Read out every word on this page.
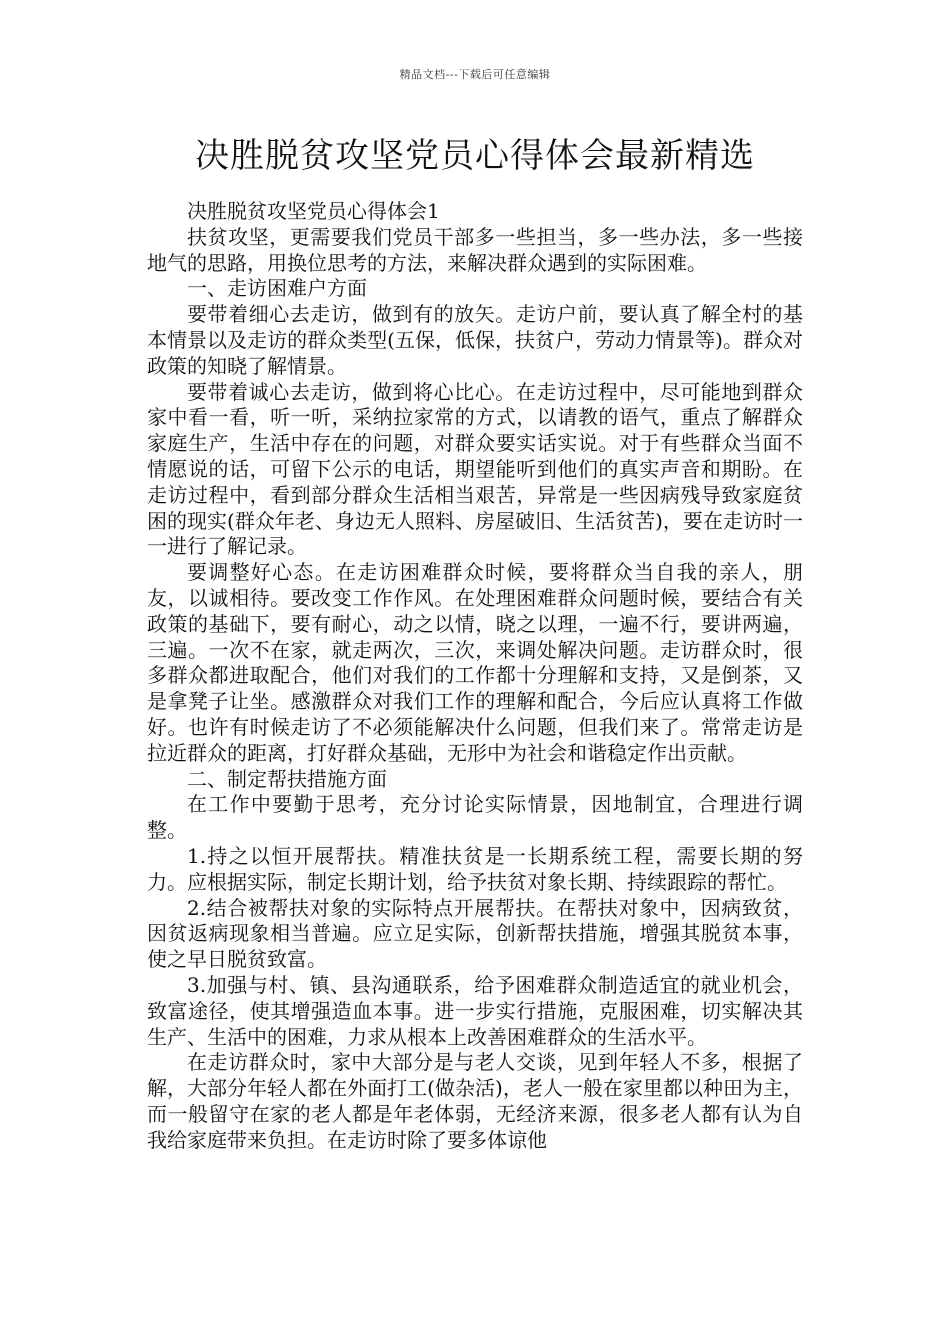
精品文档---下载后可任意编辑
决胜脱贫攻坚党员心得体会最新精选

决胜脱贫攻坚党员心得体会1

扶贫攻坚，更需要我们党员干部多一些担当，多一些办法，多一些接地气的思路，用换位思考的方法，来解决群众遇到的实际困难。

一、走访困难户方面

要带着细心去走访，做到有的放矢。走访户前，要认真了解全村的基本情景以及走访的群众类型(五保，低保，扶贫户，劳动力情景等)。群众对政策的知晓了解情景。

要带着诚心去走访，做到将心比心。在走访过程中，尽可能地到群众家中看一看，听一听，采纳拉家常的方式，以请教的语气，重点了解群众家庭生产，生活中存在的问题，对群众要实话实说。对于有些群众当面不情愿说的话，可留下公示的电话，期望能听到他们的真实声音和期盼。在走访过程中，看到部分群众生活相当艰苦，异常是一些因病残导致家庭贫困的现实(群众年老、身边无人照料、房屋破旧、生活贫苦)，要在走访时一一进行了解记录。

要调整好心态。在走访困难群众时候，要将群众当自我的亲人，朋友，以诚相待。要改变工作作风。在处理困难群众问题时候，要结合有关政策的基础下，要有耐心，动之以情，晓之以理，一遍不行，要讲两遍，三遍。一次不在家，就走两次，三次，来调处解决问题。走访群众时，很多群众都进取配合，他们对我们的工作都十分理解和支持，又是倒茶，又是拿凳子让坐。感激群众对我们工作的理解和配合，今后应认真将工作做好。也许有时候走访了不必须能解决什么问题，但我们来了。常常走访是拉近群众的距离，打好群众基础，无形中为社会和谐稳定作出贡献。

二、制定帮扶措施方面

在工作中要勤于思考，充分讨论实际情景，因地制宜，合理进行调整。

1.持之以恒开展帮扶。精准扶贫是一长期系统工程，需要长期的努力。应根据实际，制定长期计划，给予扶贫对象长期、持续跟踪的帮忙。

2.结合被帮扶对象的实际特点开展帮扶。在帮扶对象中，因病致贫，因贫返病现象相当普遍。应立足实际，创新帮扶措施，增强其脱贫本事，使之早日脱贫致富。

3.加强与村、镇、县沟通联系，给予困难群众制造适宜的就业机会，致富途径，使其增强造血本事。进一步实行措施，克服困难，切实解决其生产、生活中的困难，力求从根本上改善困难群众的生活水平。

在走访群众时，家中大部分是与老人交谈，见到年轻人不多，根据了解，大部分年轻人都在外面打工(做杂活)，老人一般在家里都以种田为主，而一般留守在家的老人都是年老体弱，无经济来源，很多老人都有认为自我给家庭带来负担。在走访时除了要多体谅他
